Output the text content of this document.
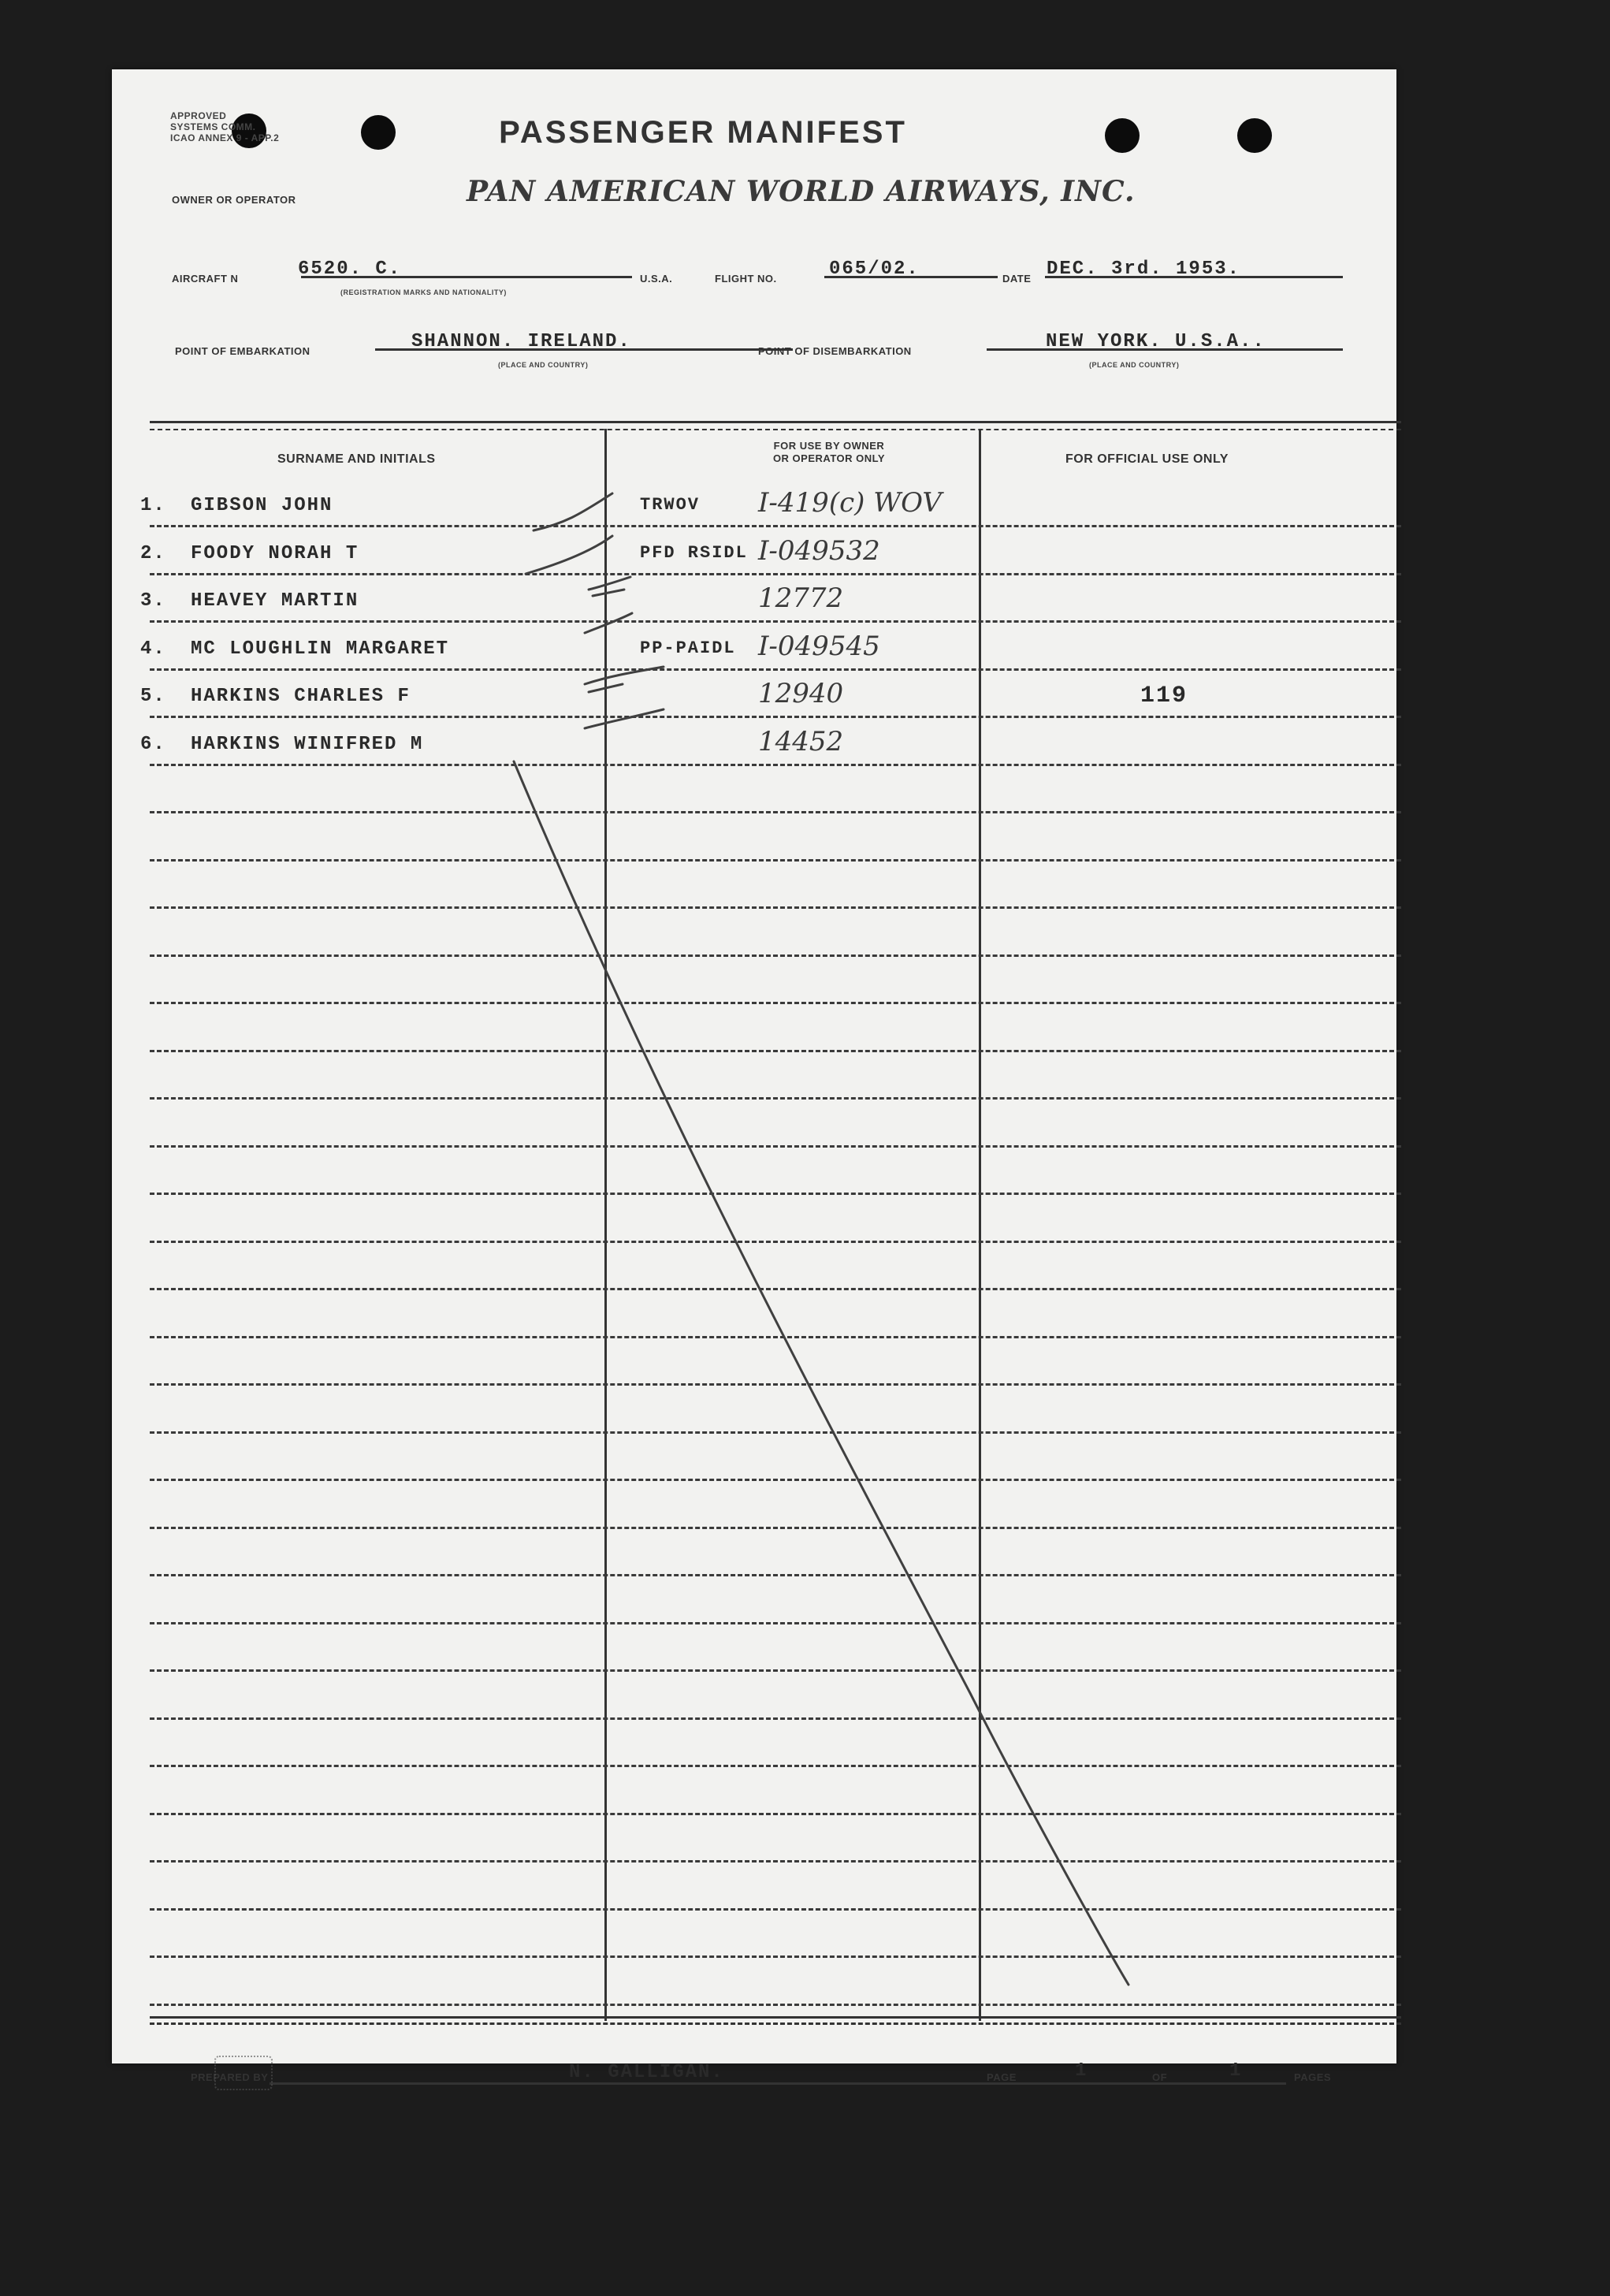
APPROVED
SYSTEMS COMM.
ICAO ANNEX 9 - APP.2	PASSENGER MANIFEST
OWNER OR OPERATOR	PAN AMERICAN WORLD AIRWAYS, INC.
AIRCRAFT N	6520. C.
(REGISTRATION MARKS AND NATIONALITY)
U.S.A.	FLIGHT NO.	065/02.	DATE DEC. 3rd. 1953.
POINT OF EMBARKATION	SHANNON. IRELAND.
(PLACE AND COUNTRY)
POINT OF DISEMBARKATION	NEW YORK. U.S.A..
(PLACE AND COUNTRY)
SURNAME AND INITIALS
FOR USE BY OWNER
OR OPERATOR ONLY	FOR OFFICIAL USE ONLY
1. GIBSON JOHN	TRWOV I-419(c) WOV
2. FOODY NORAH T	PFD RSIDL I-049532
3. HEAVEY MARTIN	12772
4. MC LOUGHLIN MARGARET	PP-PAIDL I-049545
5. HARKINS CHARLES F	12940	119
6. HARKINS WINIFRED M	14452
PREPARED BY	N. GALLIGAN.	PAGE	1	OF	1	PAGES
